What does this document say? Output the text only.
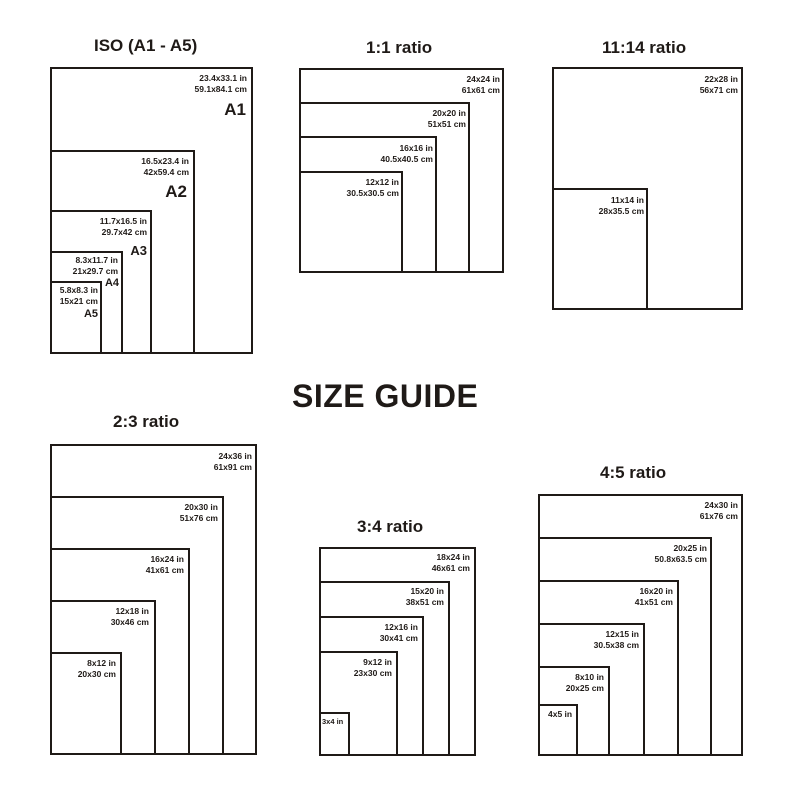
ISO (A1 - A5)	1:1 ratio	11:14 ratio
SIZE GUIDE
2:3 ratio
3:4 ratio
4:5 ratio
23.4x33.1 in
59.1x84.1 cm
A1
16.5x23.4 in
42x59.4 cm
A2
11.7x16.5 in
29.7x42 cm
A3
8.3x11.7 in
21x29.7 cm
A4
5.8x8.3 in
15x21 cm
A5
24x24 in
61x61 cm
20x20 in
51x51 cm
16x16 in
40.5x40.5 cm
12x12 in
30.5x30.5 cm
22x28 in
56x71 cm
11x14 in
28x35.5 cm
24x36 in
61x91 cm
20x30 in
51x76 cm
16x24 in
41x61 cm
12x18 in
30x46 cm
8x12 in
20x30 cm
18x24 in
46x61 cm
15x20 in
38x51 cm
12x16 in
30x41 cm
9x12 in
23x30 cm
3x4 in
24x30 in
61x76 cm
20x25 in
50.8x63.5 cm
16x20 in
41x51 cm
12x15 in
30.5x38 cm
8x10 in
20x25 cm
4x5 in
